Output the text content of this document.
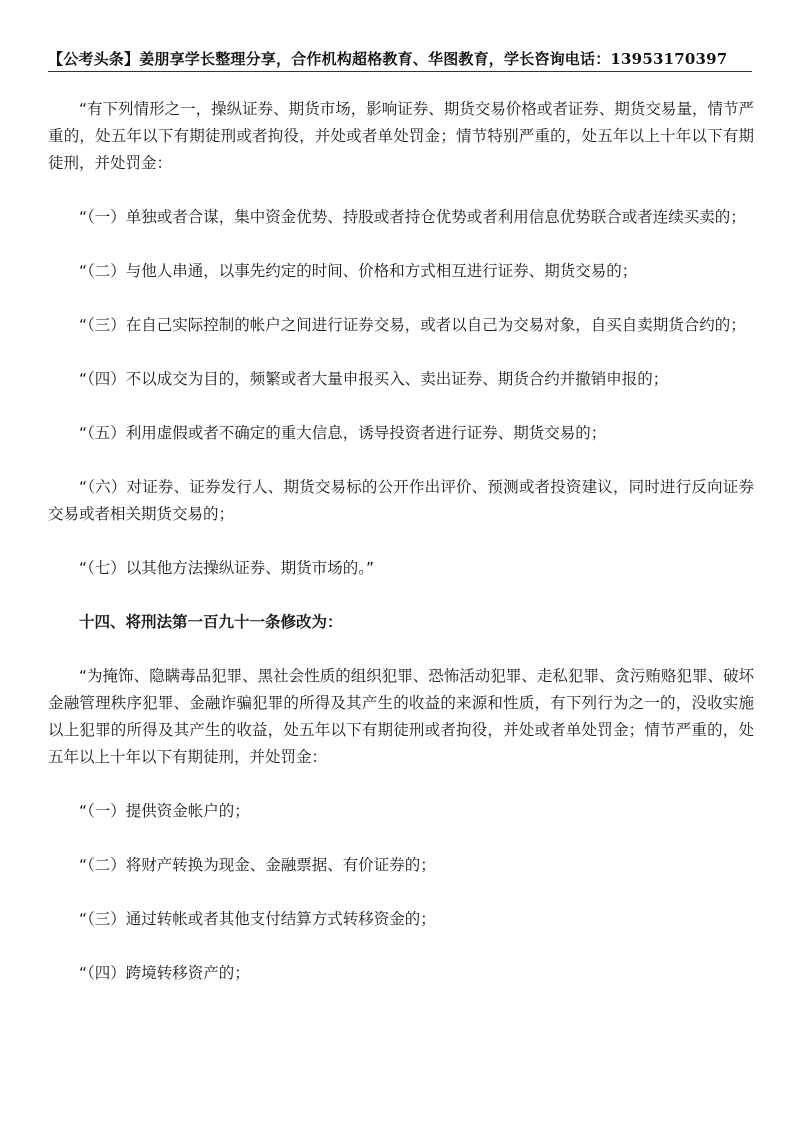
【公考头条】姜朋享学长整理分享，合作机构超格教育、华图教育，学长咨询电话：13953170397

“有下列情形之一，操纵证券、期货市场，影响证券、期货交易价格或者证券、期货交易量，情节严重的，处五年以下有期徒刑或者拘役，并处或者单处罚金；情节特别严重的，处五年以上十年以下有期徒刑，并处罚金：

“（一）单独或者合谋，集中资金优势、持股或者持仓优势或者利用信息优势联合或者连续买卖的；

“（二）与他人串通，以事先约定的时间、价格和方式相互进行证券、期货交易的；

“（三）在自己实际控制的帐户之间进行证券交易，或者以自己为交易对象，自买自卖期货合约的；

“（四）不以成交为目的，频繁或者大量申报买入、卖出证券、期货合约并撤销申报的；

“（五）利用虚假或者不确定的重大信息，诱导投资者进行证券、期货交易的；

“（六）对证券、证券发行人、期货交易标的公开作出评价、预测或者投资建议，同时进行反向证券交易或者相关期货交易的；

“（七）以其他方法操纵证券、期货市场的。”

十四、将刑法第一百九十一条修改为：

“为掩饰、隐瞒毒品犯罪、黑社会性质的组织犯罪、恐怖活动犯罪、走私犯罪、贪污贿赂犯罪、破坏金融管理秩序犯罪、金融诈骗犯罪的所得及其产生的收益的来源和性质，有下列行为之一的，没收实施以上犯罪的所得及其产生的收益，处五年以下有期徒刑或者拘役，并处或者单处罚金；情节严重的，处五年以上十年以下有期徒刑，并处罚金：

“（一）提供资金帐户的；

“（二）将财产转换为现金、金融票据、有价证券的；

“（三）通过转帐或者其他支付结算方式转移资金的；

“（四）跨境转移资产的；
